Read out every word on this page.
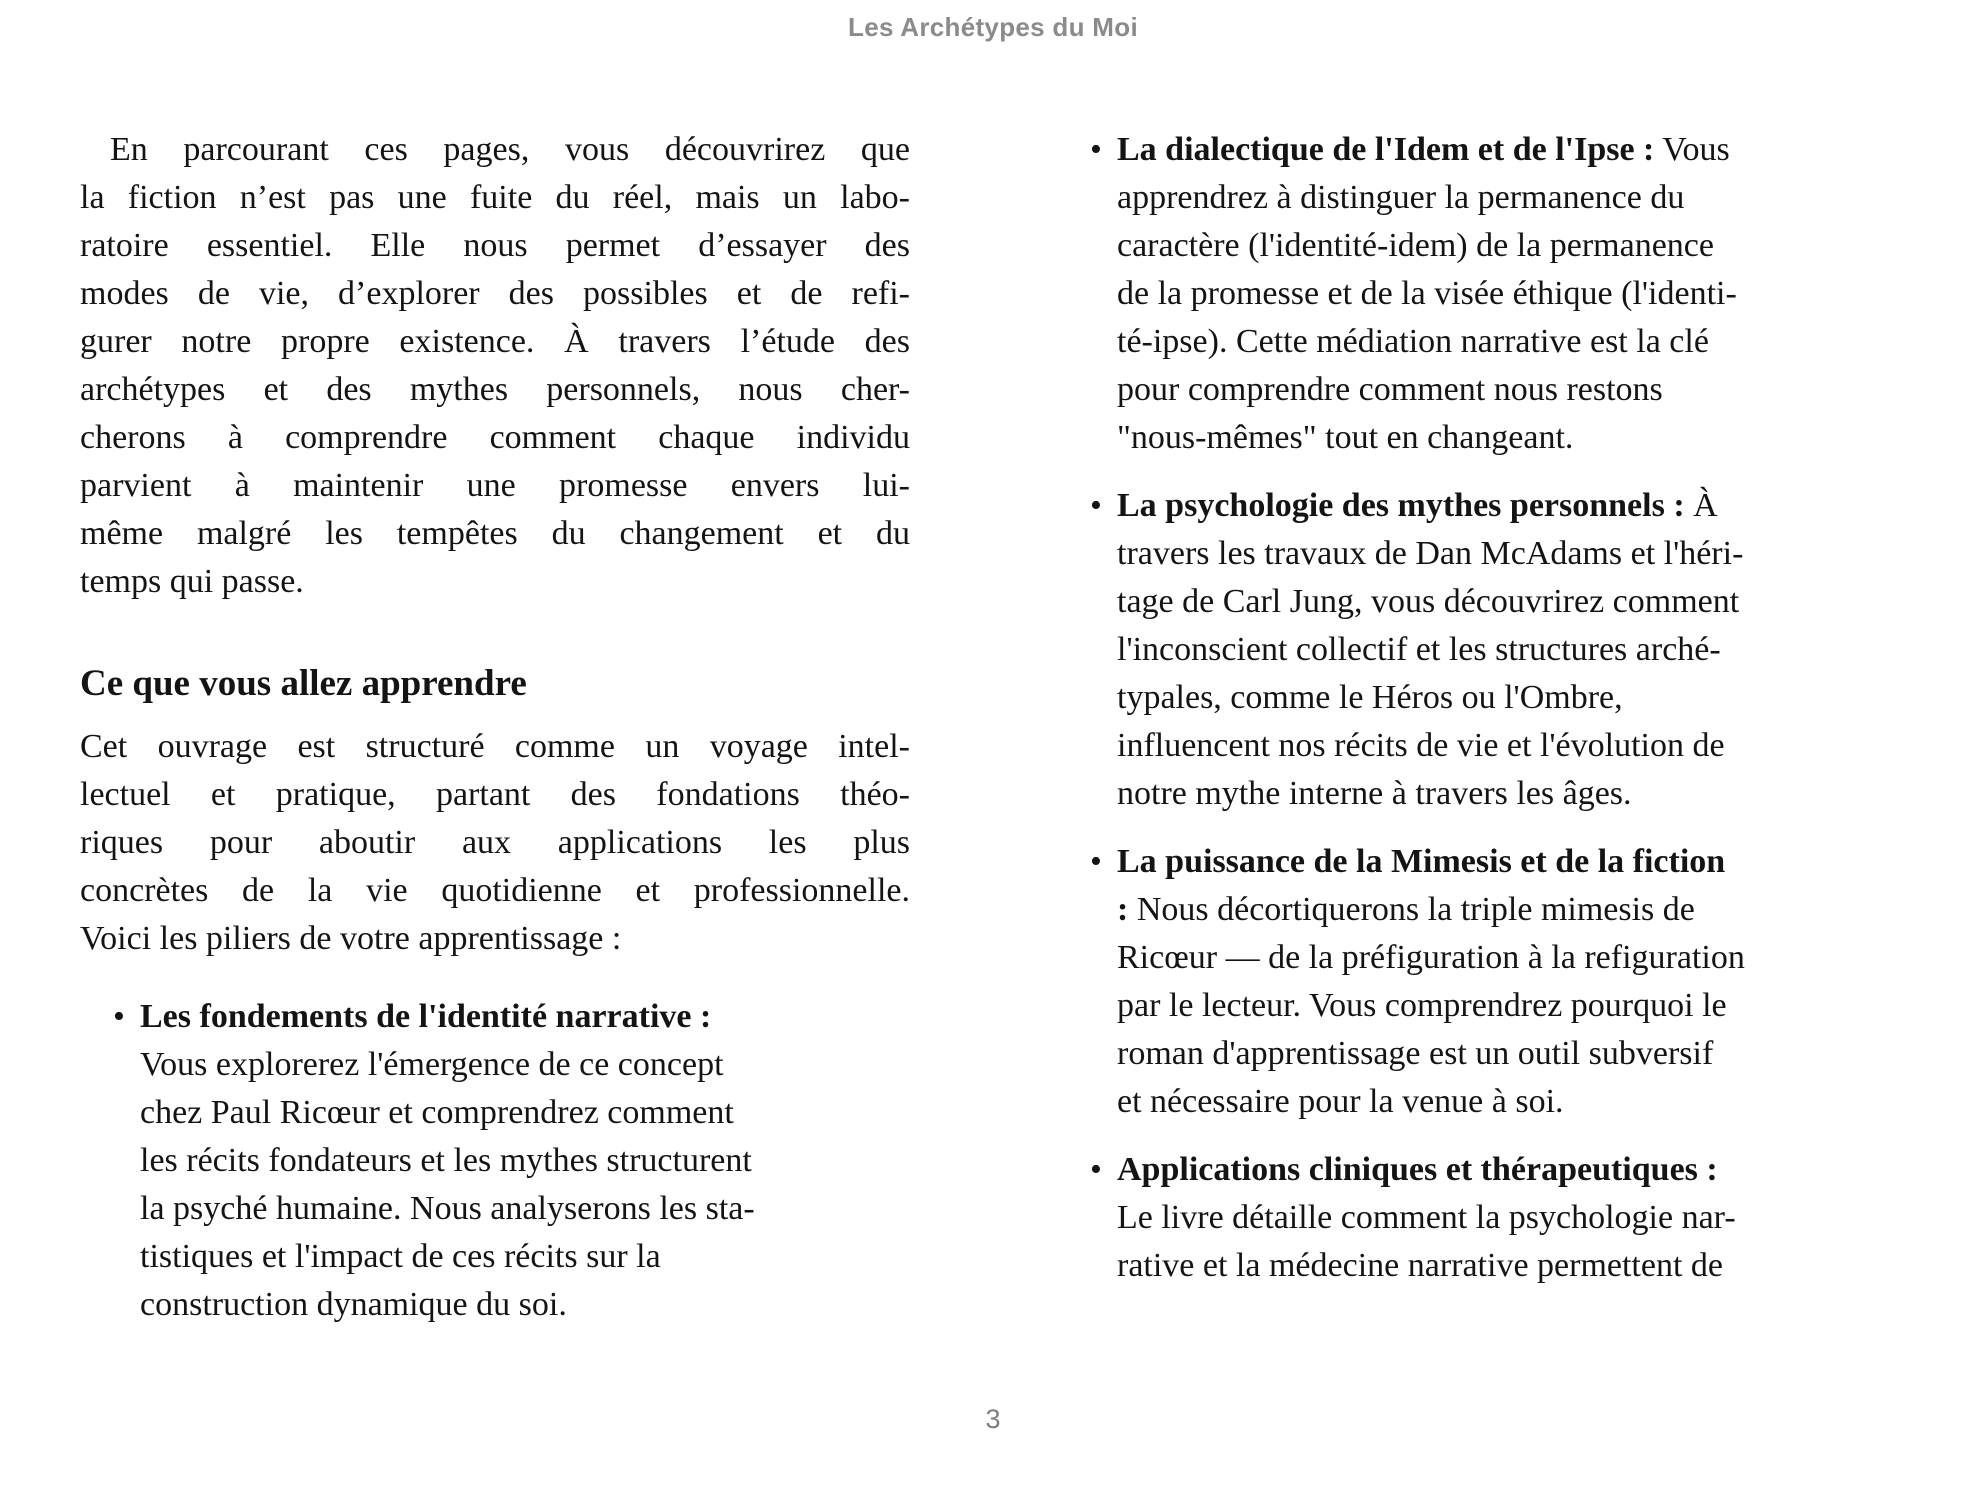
Les Archétypes du Moi
En parcourant ces pages, vous découvrirez que
la fiction n’est pas une fuite du réel, mais un labo-
ratoire essentiel. Elle nous permet d’essayer des
modes de vie, d’explorer des possibles et de refi-
gurer notre propre existence. À travers l’étude des
archétypes et des mythes personnels, nous cher-
cherons à comprendre comment chaque individu
parvient à maintenir une promesse envers lui-
même malgré les tempêtes du changement et du
temps qui passe.
Ce que vous allez apprendre
Cet ouvrage est structuré comme un voyage intel-
lectuel et pratique, partant des fondations théo-
riques pour aboutir aux applications les plus
concrètes de la vie quotidienne et professionnelle.
Voici les piliers de votre apprentissage :
• Les fondements de l'identité narrative :
Vous explorerez l'émergence de ce concept
chez Paul Ricœur et comprendrez comment
les récits fondateurs et les mythes structurent
la psyché humaine. Nous analyserons les sta-
tistiques et l'impact de ces récits sur la
construction dynamique du soi.
• La dialectique de l'Idem et de l'Ipse : Vous
apprendrez à distinguer la permanence du
caractère (l'identité-idem) de la permanence
de la promesse et de la visée éthique (l'identi-
té-ipse). Cette médiation narrative est la clé
pour comprendre comment nous restons
"nous-mêmes" tout en changeant.
• La psychologie des mythes personnels : À
travers les travaux de Dan McAdams et l'héri-
tage de Carl Jung, vous découvrirez comment
l'inconscient collectif et les structures arché-
typales, comme le Héros ou l'Ombre,
influencent nos récits de vie et l'évolution de
notre mythe interne à travers les âges.
• La puissance de la Mimesis et de la fiction
: Nous décortiquerons la triple mimesis de
Ricœur — de la préfiguration à la refiguration
par le lecteur. Vous comprendrez pourquoi le
roman d'apprentissage est un outil subversif
et nécessaire pour la venue à soi.
• Applications cliniques et thérapeutiques :
Le livre détaille comment la psychologie nar-
rative et la médecine narrative permettent de
3
